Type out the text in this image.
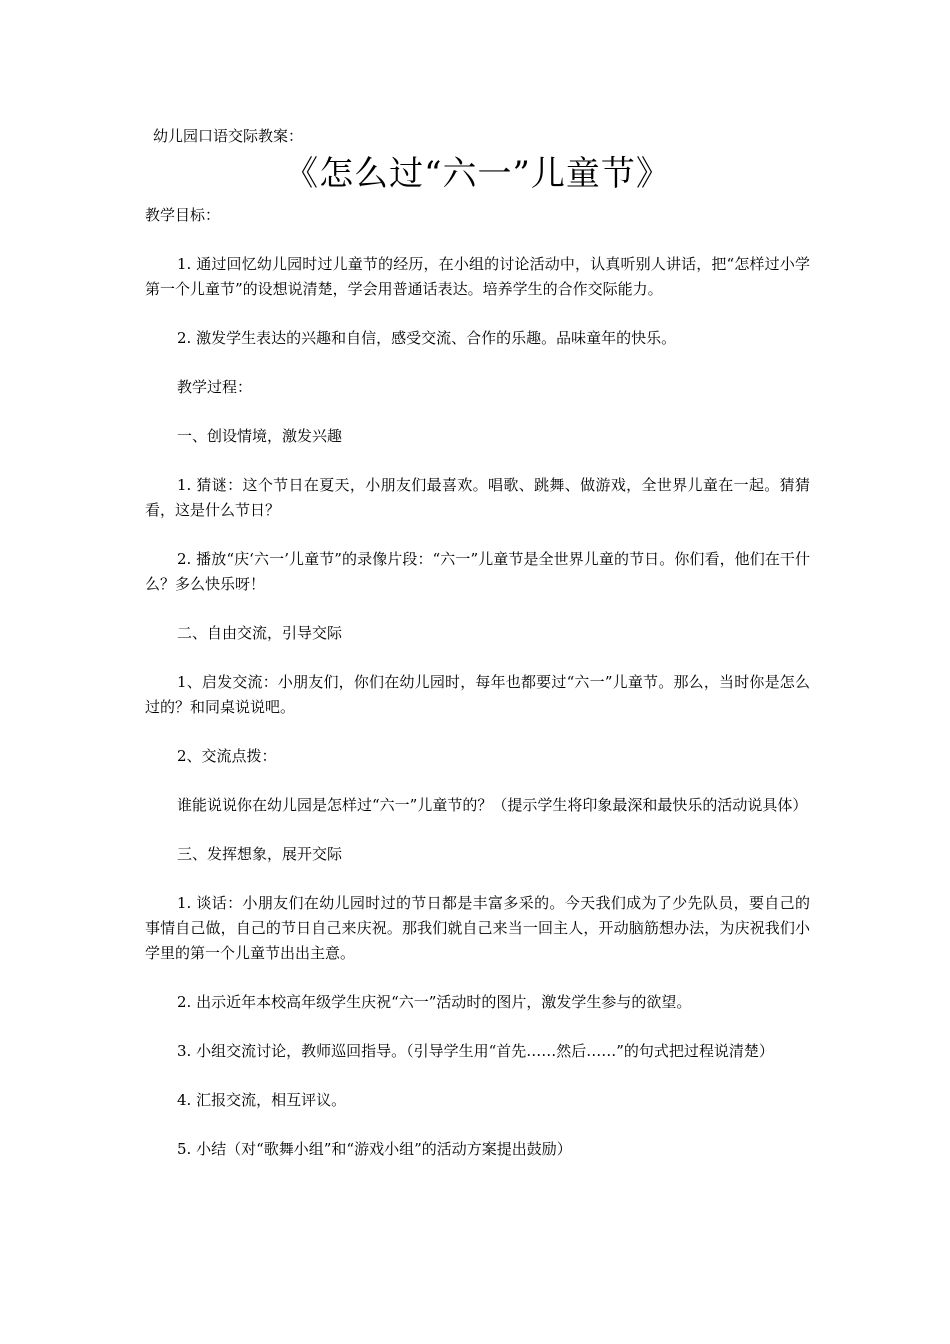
幼儿园口语交际教案：

《怎么过“六一”儿童节》

教学目标：

1. 通过回忆幼儿园时过儿童节的经历，在小组的讨论活动中，认真听别人讲话，把“怎样过小学第一个儿童节”的设想说清楚，学会用普通话表达。培养学生的合作交际能力。

2. 激发学生表达的兴趣和自信，感受交流、合作的乐趣。品味童年的快乐。

教学过程：

一、创设情境，激发兴趣

1. 猜谜：这个节日在夏天，小朋友们最喜欢。唱歌、跳舞、做游戏，全世界儿童在一起。猜猜看，这是什么节日？

2. 播放“庆‘六一’儿童节”的录像片段：“六一”儿童节是全世界儿童的节日。你们看，他们在干什么？多么快乐呀！

二、自由交流，引导交际

1、启发交流：小朋友们，你们在幼儿园时，每年也都要过“六一”儿童节。那么，当时你是怎么过的？和同桌说说吧。

2、交流点拨：

谁能说说你在幼儿园是怎样过“六一”儿童节的？（提示学生将印象最深和最快乐的活动说具体）

三、发挥想象，展开交际

1. 谈话：小朋友们在幼儿园时过的节日都是丰富多采的。今天我们成为了少先队员，要自己的事情自己做，自己的节日自己来庆祝。那我们就自己来当一回主人，开动脑筋想办法，为庆祝我们小学里的第一个儿童节出出主意。

2. 出示近年本校高年级学生庆祝“六一”活动时的图片，激发学生参与的欲望。

3. 小组交流讨论，教师巡回指导。（引导学生用“首先……然后……”的句式把过程说清楚）

4. 汇报交流，相互评议。

5. 小结（对“歌舞小组”和“游戏小组”的活动方案提出鼓励）
